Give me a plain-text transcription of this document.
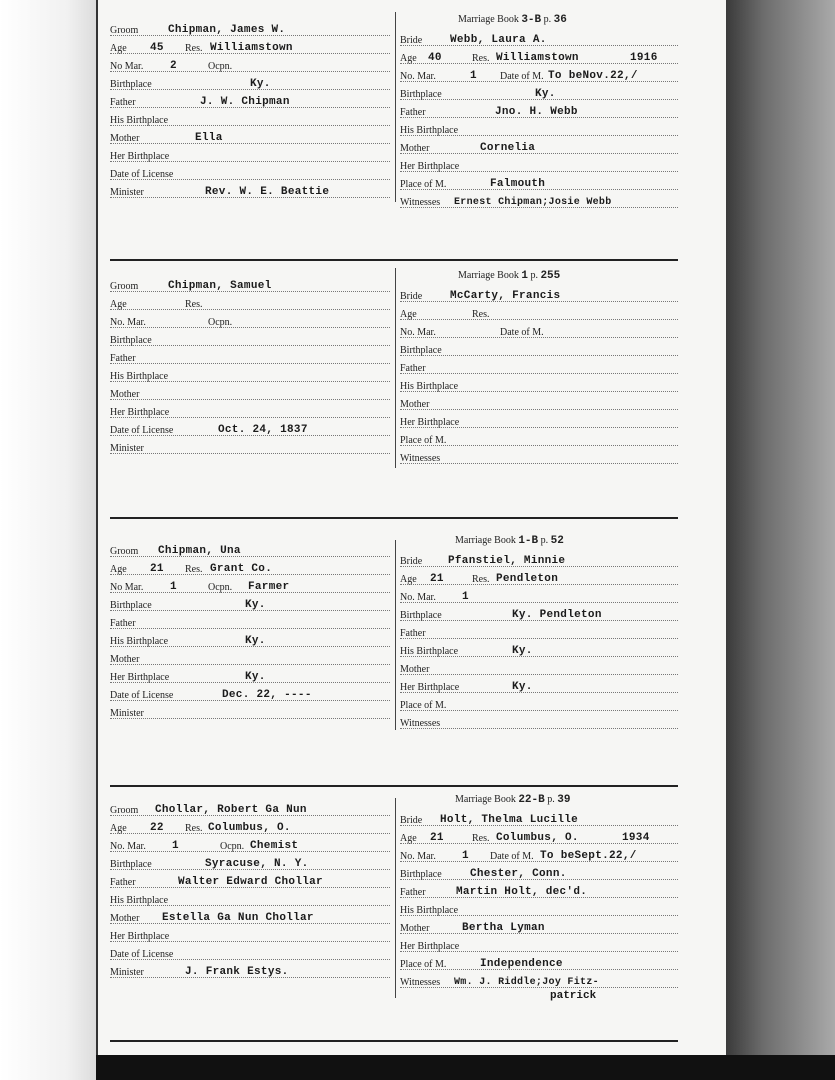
Groom	Chipman, James W.
Age 45 Res. Williamstown
No Mar. 2	Ocpn.
Birthplace	Ky.
Father	J. W. Chipman
His Birthplace
Mother	Ella
Her Birthplace
Date of License
Minister	Rev. W. E. Beattie
Marriage Book 3-B p. 36
Bride	Webb, Laura A.
Age 40	Res. Williamstown	1916
No. Mar.	1 Date of M. To beNov.22,/
Birthplace	Ky.
Father	Jno. H. Webb
His Birthplace
Mother	Cornelia
Her Birthplace
Place of M.	Falmouth
Witnesses Ernest Chipman;Josie Webb
Groom	Chipman, Samuel
Age	Res.
No. Mar.	Ocpn.
Birthplace
Father
His Birthplace
Mother
Her Birthplace
Date of License	Oct. 24, 1837
Minister
Marriage Book 1 p. 255
Bride	McCarty, Francis
Age	Res.
No. Mar.	Date of M.
Birthplace
Father
His Birthplace
Mother
Her Birthplace
Place of M.
Witnesses
Groom Chipman, Una
Age 21 Res. Grant Co.
No Mar. 1	Ocpn. Farmer
Birthplace	Ky.
Father
His Birthplace	Ky.
Mother
Her Birthplace	Ky.
Date of License	Dec. 22, ----
Minister
Marriage Book 1-B p. 52
Bride Pfanstiel, Minnie
Age 21	Res. Pendleton
No. Mar. 1
Birthplace	Ky. Pendleton
Father
His Birthplace	Ky.
Mother
Her Birthplace	Ky.
Place of M.
Witnesses
Groom Chollar, Robert Ga Nun
Age 22 Res. Columbus, O.
No. Mar. 1	Ocpn. Chemist
Birthplace	Syracuse, N. Y.
Father	Walter Edward Chollar
His Birthplace
Mother Estella Ga Nun Chollar
Her Birthplace
Date of License
Minister	J. Frank Estys.
Marriage Book 22-B p. 39
Bride Holt, Thelma Lucille
Age 21	Res. Columbus, O.	1934
No. Mar. 1 Date of M. To beSept.22,/
Birthplace	Chester, Conn.
Father	Martin Holt, dec'd.
His Birthplace
Mother	Bertha Lyman
Her Birthplace
Place of M.	Independence
Witnesses Wm. J. Riddle;Joy Fitz-
patrick
